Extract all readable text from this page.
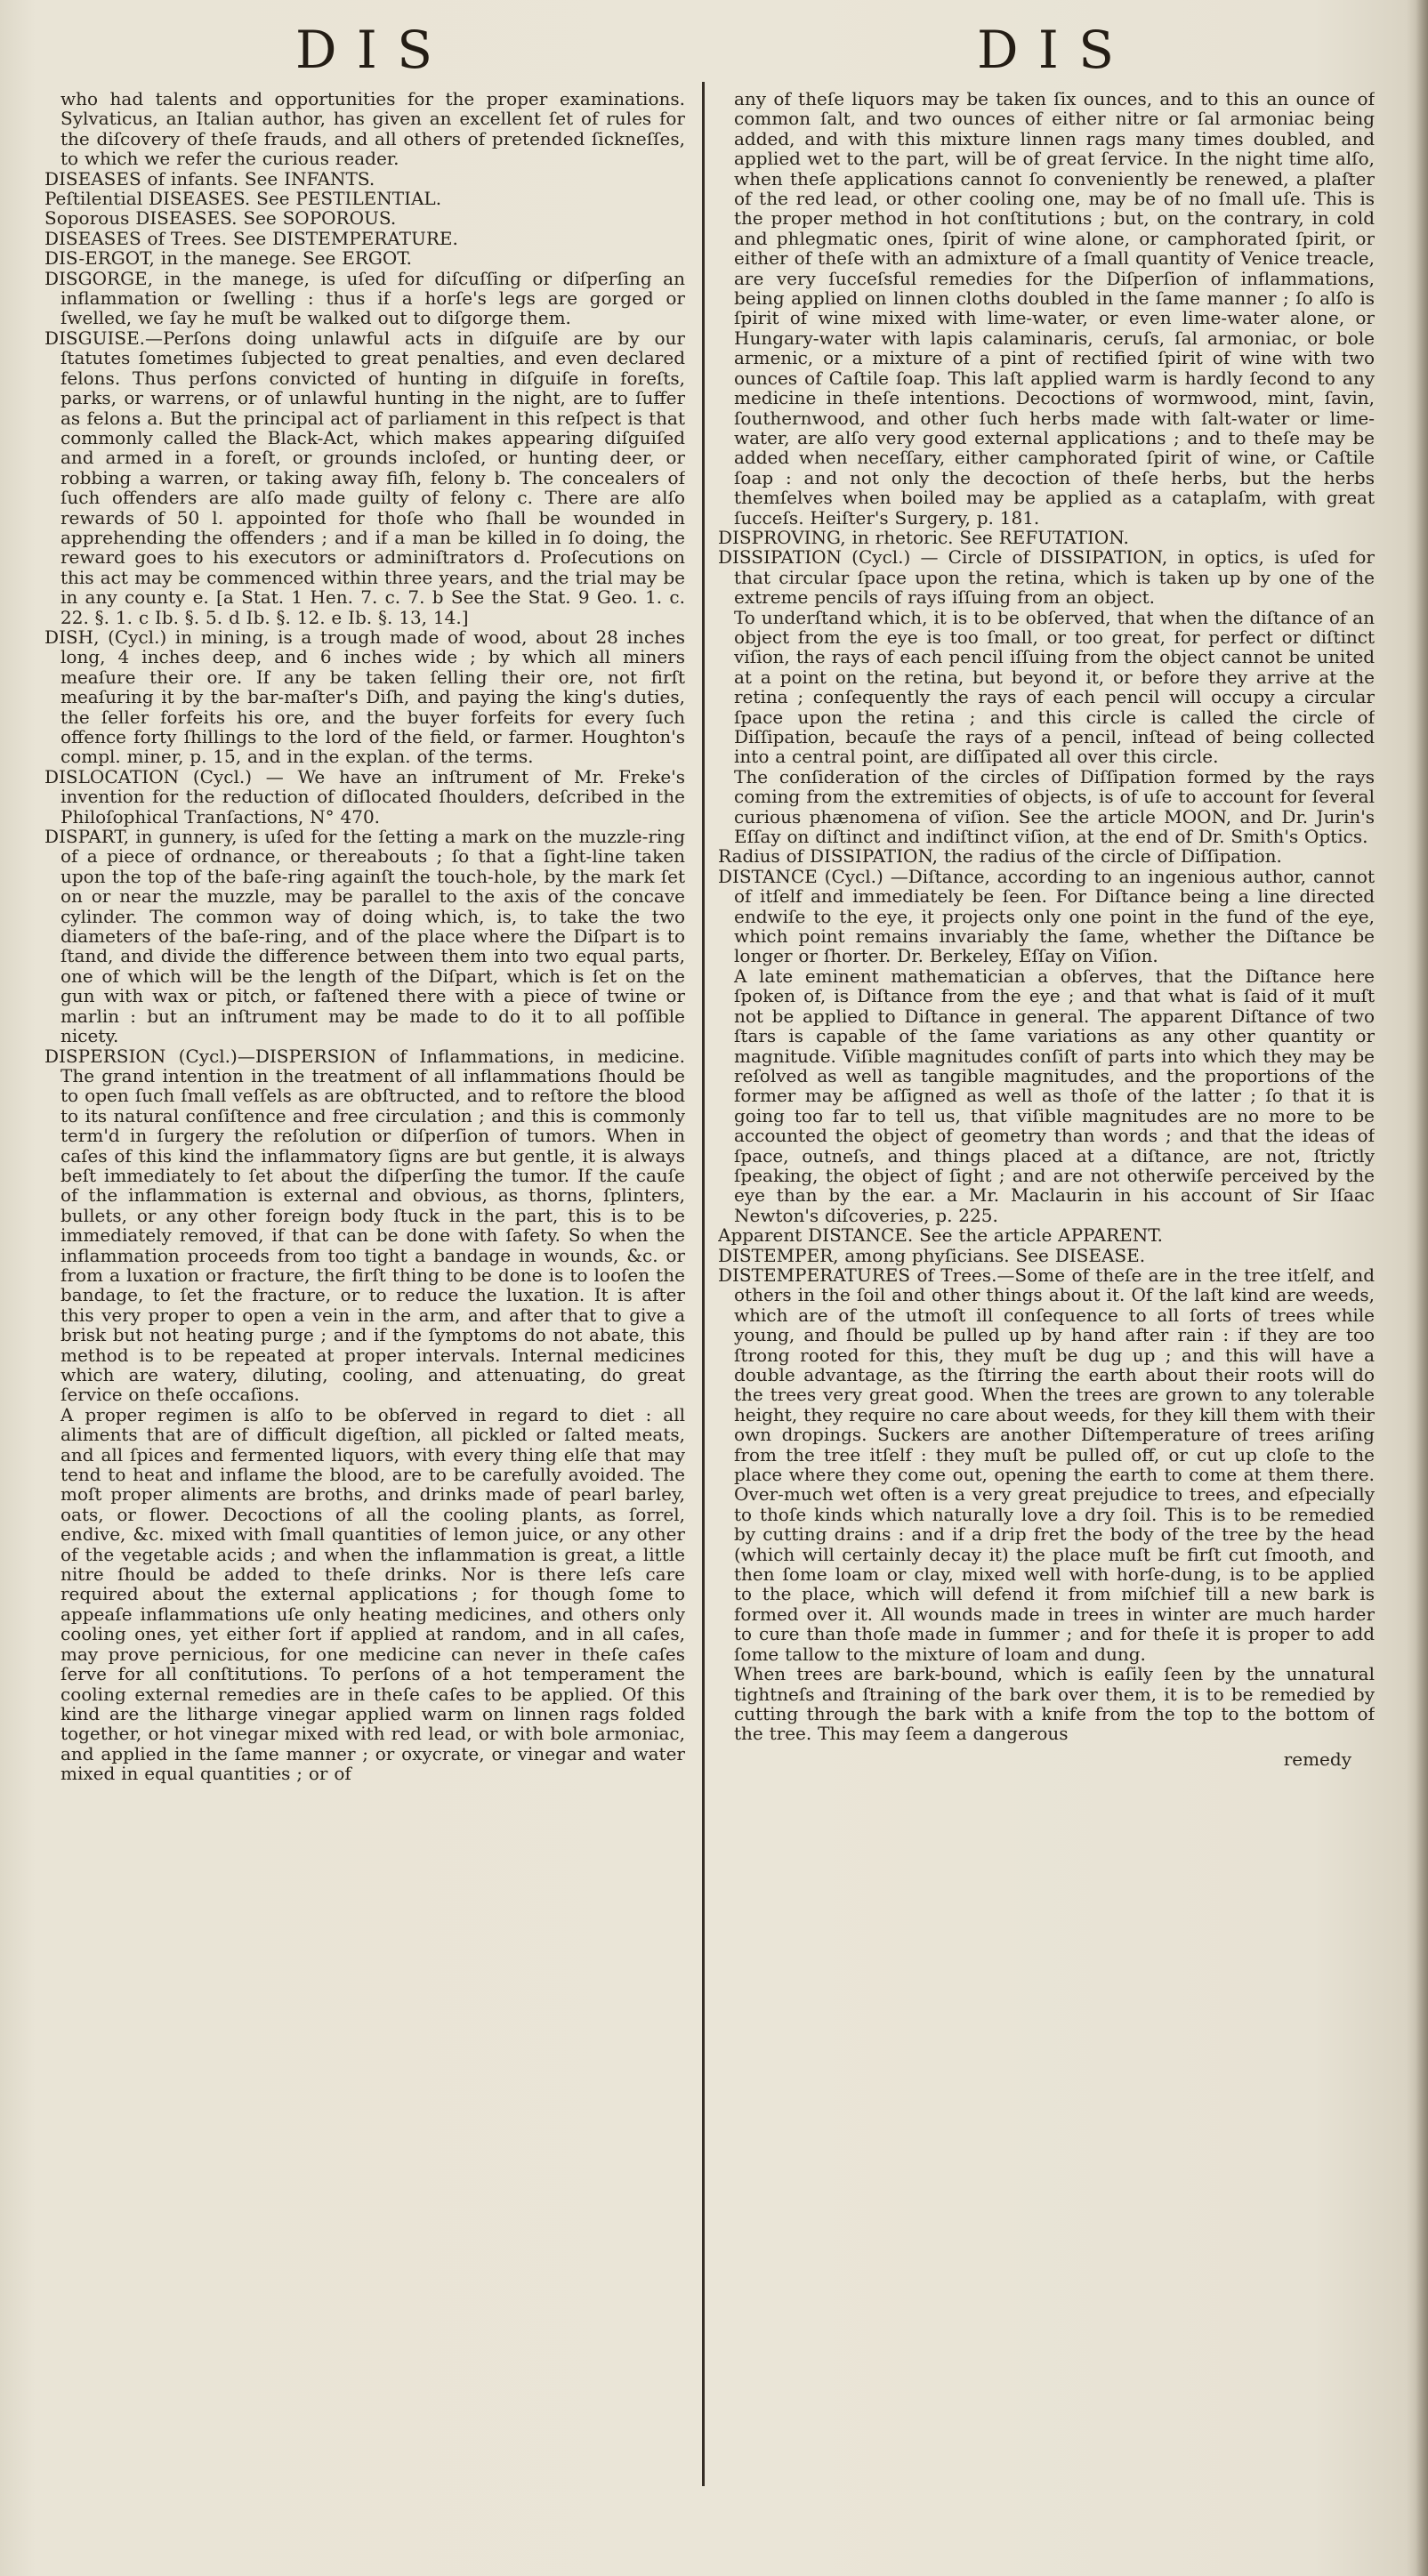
D I S	D I S

who had talents and opportunities for the proper examinations. Sylvaticus, an Italian author, has given an excellent ſet of rules for the diſcovery of theſe frauds, and all others of pretended ſickneſſes, to which we refer the curious reader.

DISEASES of infants. See INFANTS.

Peſtilential DISEASES. See PESTILENTIAL.

Soporous DISEASES. See SOPOROUS.

DISEASES of Trees. See DISTEMPERATURE.

DIS-ERGOT, in the manege. See ERGOT.

DISGORGE, in the manege, is uſed for diſcuſſing or diſperſing an inflammation or ſwelling : thus if a horſe's legs are gorged or ſwelled, we ſay he muſt be walked out to diſgorge them.

DISGUISE.—Perſons doing unlawful acts in diſguiſe are by our ſtatutes ſometimes ſubjected to great penalties, and even declared felons. Thus perſons convicted of hunting in diſguiſe in foreſts, parks, or warrens, or of unlawful hunting in the night, are to ſuffer as felons a. But the principal act of parliament in this reſpect is that commonly called the Black-Act, which makes appearing diſguiſed and armed in a foreſt, or grounds incloſed, or hunting deer, or robbing a warren, or taking away fiſh, felony b. The concealers of ſuch offenders are alſo made guilty of felony c. There are alſo rewards of 50 l. appointed for thoſe who ſhall be wounded in apprehending the offenders ; and if a man be killed in ſo doing, the reward goes to his executors or adminiſtrators d. Proſecutions on this act may be commenced within three years, and the trial may be in any county e. [a Stat. 1 Hen. 7. c. 7. b See the Stat. 9 Geo. 1. c. 22. §. 1. c Ib. §. 5. d Ib. §. 12. e Ib. §. 13, 14.]

DISH, (Cycl.) in mining, is a trough made of wood, about 28 inches long, 4 inches deep, and 6 inches wide ; by which all miners meaſure their ore. If any be taken ſelling their ore, not firſt meaſuring it by the bar-maſter's Diſh, and paying the king's duties, the ſeller forfeits his ore, and the buyer forfeits for every ſuch offence forty ſhillings to the lord of the field, or farmer. Houghton's compl. miner, p. 15, and in the explan. of the terms.

DISLOCATION (Cycl.) — We have an inſtrument of Mr. Freke's invention for the reduction of diſlocated ſhoulders, deſcribed in the Philoſophical Tranſactions, N° 470.

DISPART, in gunnery, is uſed for the ſetting a mark on the muzzle-ring of a piece of ordnance, or thereabouts ; ſo that a ſight-line taken upon the top of the baſe-ring againſt the touch-hole, by the mark ſet on or near the muzzle, may be parallel to the axis of the concave cylinder. The common way of doing which, is, to take the two diameters of the baſe-ring, and of the place where the Diſpart is to ſtand, and divide the difference between them into two equal parts, one of which will be the length of the Diſpart, which is ſet on the gun with wax or pitch, or faſtened there with a piece of twine or marlin : but an inſtrument may be made to do it to all poſſible nicety.

DISPERSION (Cycl.)—DISPERSION of Inflammations, in medicine. The grand intention in the treatment of all inflammations ſhould be to open ſuch ſmall veſſels as are obſtructed, and to reſtore the blood to its natural conſiſtence and free circulation ; and this is commonly term'd in ſurgery the reſolution or diſperſion of tumors. When in caſes of this kind the inflammatory ſigns are but gentle, it is always beſt immediately to ſet about the diſperſing the tumor. If the cauſe of the inflammation is external and obvious, as thorns, ſplinters, bullets, or any other foreign body ſtuck in the part, this is to be immediately removed, if that can be done with ſafety. So when the inflammation proceeds from too tight a bandage in wounds, &c. or from a luxation or fracture, the firſt thing to be done is to looſen the bandage, to ſet the fracture, or to reduce the luxation. It is after this very proper to open a vein in the arm, and after that to give a brisk but not heating purge ; and if the ſymptoms do not abate, this method is to be repeated at proper intervals. Internal medicines which are watery, diluting, cooling, and attenuating, do great ſervice on theſe occaſions.

A proper regimen is alſo to be obſerved in regard to diet : all aliments that are of difficult digeſtion, all pickled or ſalted meats, and all ſpices and fermented liquors, with every thing elſe that may tend to heat and inflame the blood, are to be carefully avoided. The moſt proper aliments are broths, and drinks made of pearl barley, oats, or flower. Decoctions of all the cooling plants, as ſorrel, endive, &c. mixed with ſmall quantities of lemon juice, or any other of the vegetable acids ; and when the inflammation is great, a little nitre ſhould be added to theſe drinks. Nor is there leſs care required about the external applications ; for though ſome to appeaſe inflammations uſe only heating medicines, and others only cooling ones, yet either ſort if applied at random, and in all caſes, may prove pernicious, for one medicine can never in theſe caſes ſerve for all conſtitutions. To perſons of a hot temperament the cooling external remedies are in theſe caſes to be applied. Of this kind are the litharge vinegar applied warm on linnen rags folded together, or hot vinegar mixed with red lead, or with bole armoniac, and applied in the ſame manner ; or oxycrate, or vinegar and water mixed in equal quantities ; or of

any of theſe liquors may be taken ſix ounces, and to this an ounce of common ſalt, and two ounces of either nitre or ſal armoniac being added, and with this mixture linnen rags many times doubled, and applied wet to the part, will be of great ſervice. In the night time alſo, when theſe applications cannot ſo conveniently be renewed, a plaſter of the red lead, or other cooling one, may be of no ſmall uſe. This is the proper method in hot conſtitutions ; but, on the contrary, in cold and phlegmatic ones, ſpirit of wine alone, or camphorated ſpirit, or either of theſe with an admixture of a ſmall quantity of Venice treacle, are very ſucceſsful remedies for the Diſperſion of inflammations, being applied on linnen cloths doubled in the ſame manner ; ſo alſo is ſpirit of wine mixed with lime-water, or even lime-water alone, or Hungary-water with lapis calaminaris, ceruſs, ſal armoniac, or bole armenic, or a mixture of a pint of rectified ſpirit of wine with two ounces of Caſtile ſoap. This laſt applied warm is hardly ſecond to any medicine in theſe intentions. Decoctions of wormwood, mint, ſavin, ſouthernwood, and other ſuch herbs made with ſalt-water or lime-water, are alſo very good external applications ; and to theſe may be added when neceſſary, either camphorated ſpirit of wine, or Caſtile ſoap : and not only the decoction of theſe herbs, but the herbs themſelves when boiled may be applied as a cataplaſm, with great ſucceſs. Heiſter's Surgery, p. 181.

DISPROVING, in rhetoric. See REFUTATION.

DISSIPATION (Cycl.) — Circle of DISSIPATION, in optics, is uſed for that circular ſpace upon the retina, which is taken up by one of the extreme pencils of rays iſſuing from an object.

To underſtand which, it is to be obſerved, that when the diſtance of an object from the eye is too ſmall, or too great, for perfect or diſtinct viſion, the rays of each pencil iſſuing from the object cannot be united at a point on the retina, but beyond it, or before they arrive at the retina ; conſequently the rays of each pencil will occupy a circular ſpace upon the retina ; and this circle is called the circle of Diſſipation, becauſe the rays of a pencil, inſtead of being collected into a central point, are diſſipated all over this circle.

The conſideration of the circles of Diſſipation formed by the rays coming from the extremities of objects, is of uſe to account for ſeveral curious phænomena of viſion. See the article MOON, and Dr. Jurin's Eſſay on diſtinct and indiſtinct viſion, at the end of Dr. Smith's Optics.

Radius of DISSIPATION, the radius of the circle of Diſſipation.

DISTANCE (Cycl.) —Diſtance, according to an ingenious author, cannot of itſelf and immediately be ſeen. For Diſtance being a line directed endwiſe to the eye, it projects only one point in the fund of the eye, which point remains invariably the ſame, whether the Diſtance be longer or ſhorter. Dr. Berkeley, Eſſay on Viſion.

A late eminent mathematician a obſerves, that the Diſtance here ſpoken of, is Diſtance from the eye ; and that what is ſaid of it muſt not be applied to Diſtance in general. The apparent Diſtance of two ſtars is capable of the ſame variations as any other quantity or magnitude. Viſible magnitudes conſiſt of parts into which they may be reſolved as well as tangible magnitudes, and the proportions of the former may be aſſigned as well as thoſe of the latter ; ſo that it is going too far to tell us, that viſible magnitudes are no more to be accounted the object of geometry than words ; and that the ideas of ſpace, outneſs, and things placed at a diſtance, are not, ſtrictly ſpeaking, the object of ſight ; and are not otherwiſe perceived by the eye than by the ear. a Mr. Maclaurin in his account of Sir Iſaac Newton's diſcoveries, p. 225.

Apparent DISTANCE. See the article APPARENT.

DISTEMPER, among phyſicians. See DISEASE.

DISTEMPERATURES of Trees.—Some of theſe are in the tree itſelf, and others in the ſoil and other things about it. Of the laſt kind are weeds, which are of the utmoſt ill conſequence to all ſorts of trees while young, and ſhould be pulled up by hand after rain : if they are too ſtrong rooted for this, they muſt be dug up ; and this will have a double advantage, as the ſtirring the earth about their roots will do the trees very great good. When the trees are grown to any tolerable height, they require no care about weeds, for they kill them with their own dropings. Suckers are another Diſtemperature of trees ariſing from the tree itſelf : they muſt be pulled off, or cut up cloſe to the place where they come out, opening the earth to come at them there. Over-much wet often is a very great prejudice to trees, and eſpecially to thoſe kinds which naturally love a dry ſoil. This is to be remedied by cutting drains : and if a drip fret the body of the tree by the head (which will certainly decay it) the place muſt be firſt cut ſmooth, and then ſome loam or clay, mixed well with horſe-dung, is to be applied to the place, which will defend it from miſchief till a new bark is formed over it. All wounds made in trees in winter are much harder to cure than thoſe made in ſummer ; and for theſe it is proper to add ſome tallow to the mixture of loam and dung.

When trees are bark-bound, which is eaſily ſeen by the unnatural tightneſs and ſtraining of the bark over them, it is to be remedied by cutting through the bark with a knife from the top to the bottom of the tree. This may ſeem a dangerous

remedy
